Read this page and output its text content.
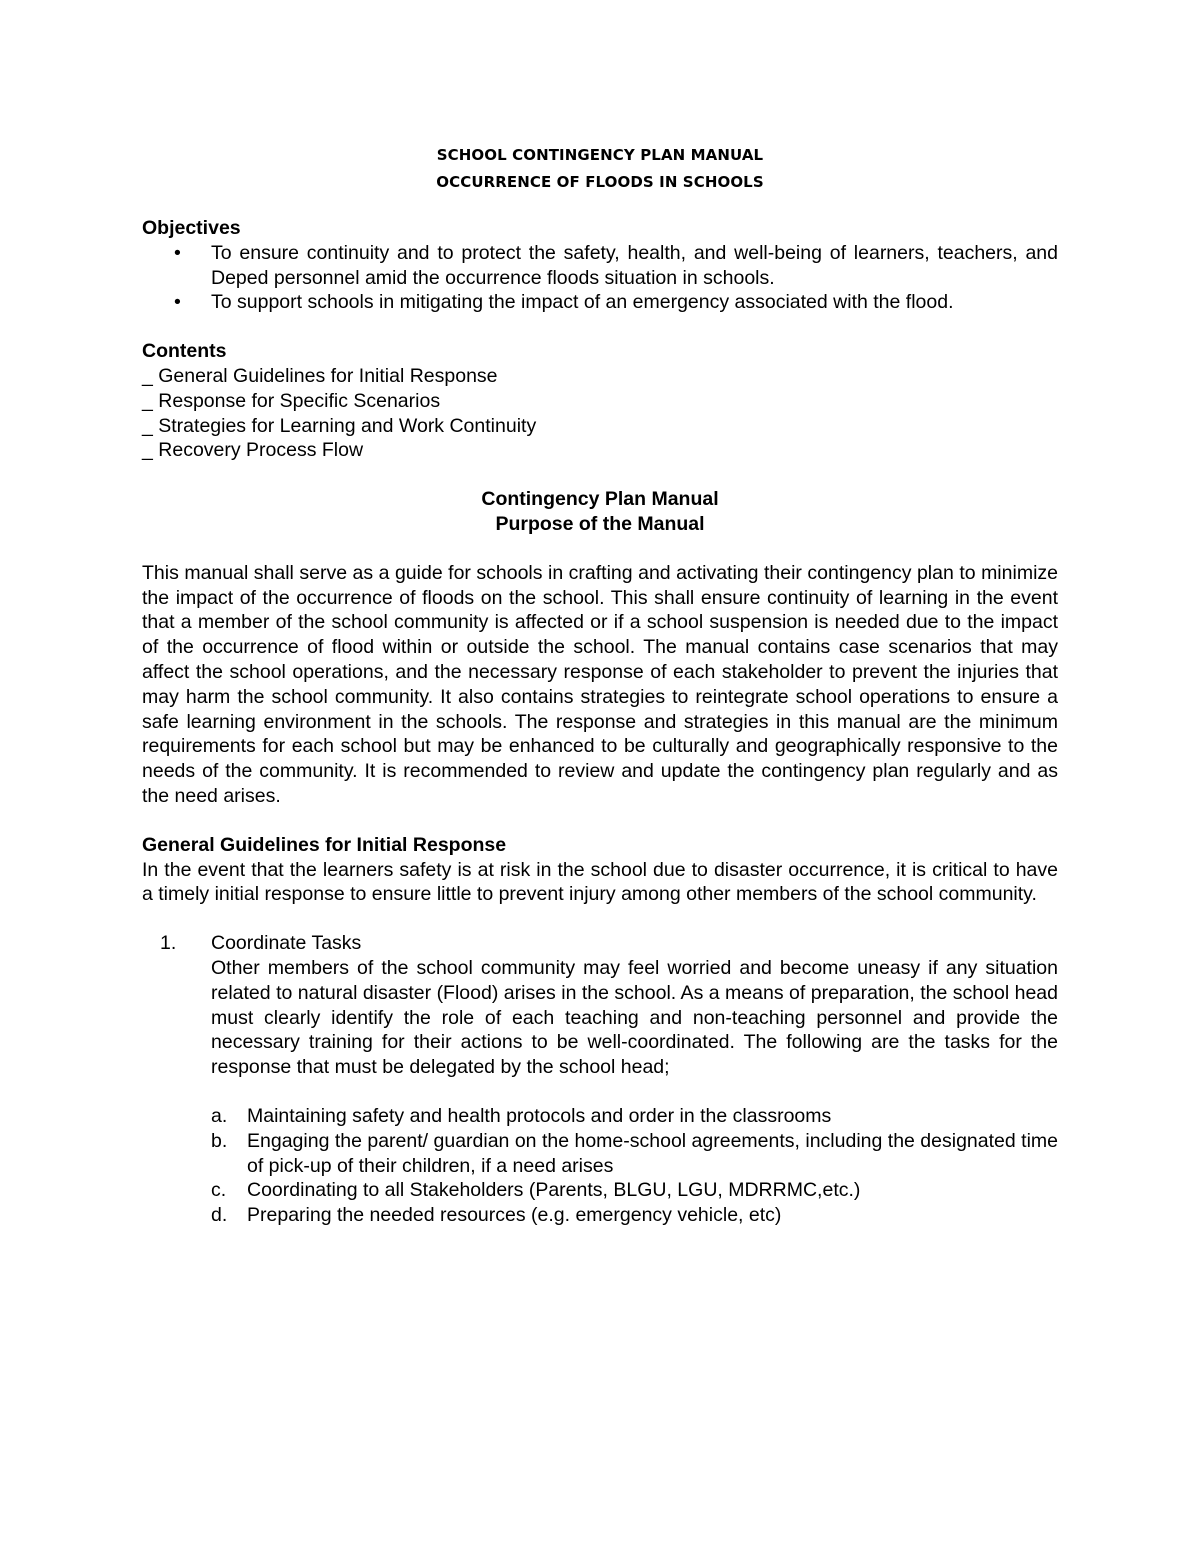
SCHOOL CONTINGENCY PLAN MANUAL
OCCURRENCE OF FLOODS IN SCHOOLS
Objectives
• To ensure continuity and to protect the safety, health, and well-being of learners, teachers, and Deped personnel amid the occurrence floods situation in schools.
• To support schools in mitigating the impact of an emergency associated with the flood.
Contents
_ General Guidelines for Initial Response
_ Response for Specific Scenarios
_ Strategies for Learning and Work Continuity
_ Recovery Process Flow
Contingency Plan Manual
Purpose of the Manual

This manual shall serve as a guide for schools in crafting and activating their contingency plan to minimize the impact of the occurrence of floods on the school. This shall ensure continuity of learning in the event that a member of the school community is affected or if a school suspension is needed due to the impact of the occurrence of flood within or outside the school. The manual contains case scenarios that may affect the school operations, and the necessary response of each stakeholder to prevent the injuries that may harm the school community. It also contains strategies to reintegrate school operations to ensure a safe learning environment in the schools. The response and strategies in this manual are the minimum requirements for each school but may be enhanced to be culturally and geographically responsive to the needs of the community. It is recommended to review and update the contingency plan regularly and as the need arises.

General Guidelines for Initial Response

In the event that the learners safety is at risk in the school due to disaster occurrence, it is critical to have a timely initial response to ensure little to prevent injury among other members of the school community.

1. Coordinate Tasks

Other members of the school community may feel worried and become uneasy if any situation related to natural disaster (Flood) arises in the school. As a means of preparation, the school head must clearly identify the role of each teaching and non-teaching personnel and provide the necessary training for their actions to be well-coordinated. The following are the tasks for the response that must be delegated by the school head;

a. Maintaining safety and health protocols and order in the classrooms
b. Engaging the parent/ guardian on the home-school agreements, including the designated time of pick-up of their children, if a need arises
c. Coordinating to all Stakeholders (Parents, BLGU, LGU, MDRRMC,etc.)
d. Preparing the needed resources (e.g. emergency vehicle, etc)
